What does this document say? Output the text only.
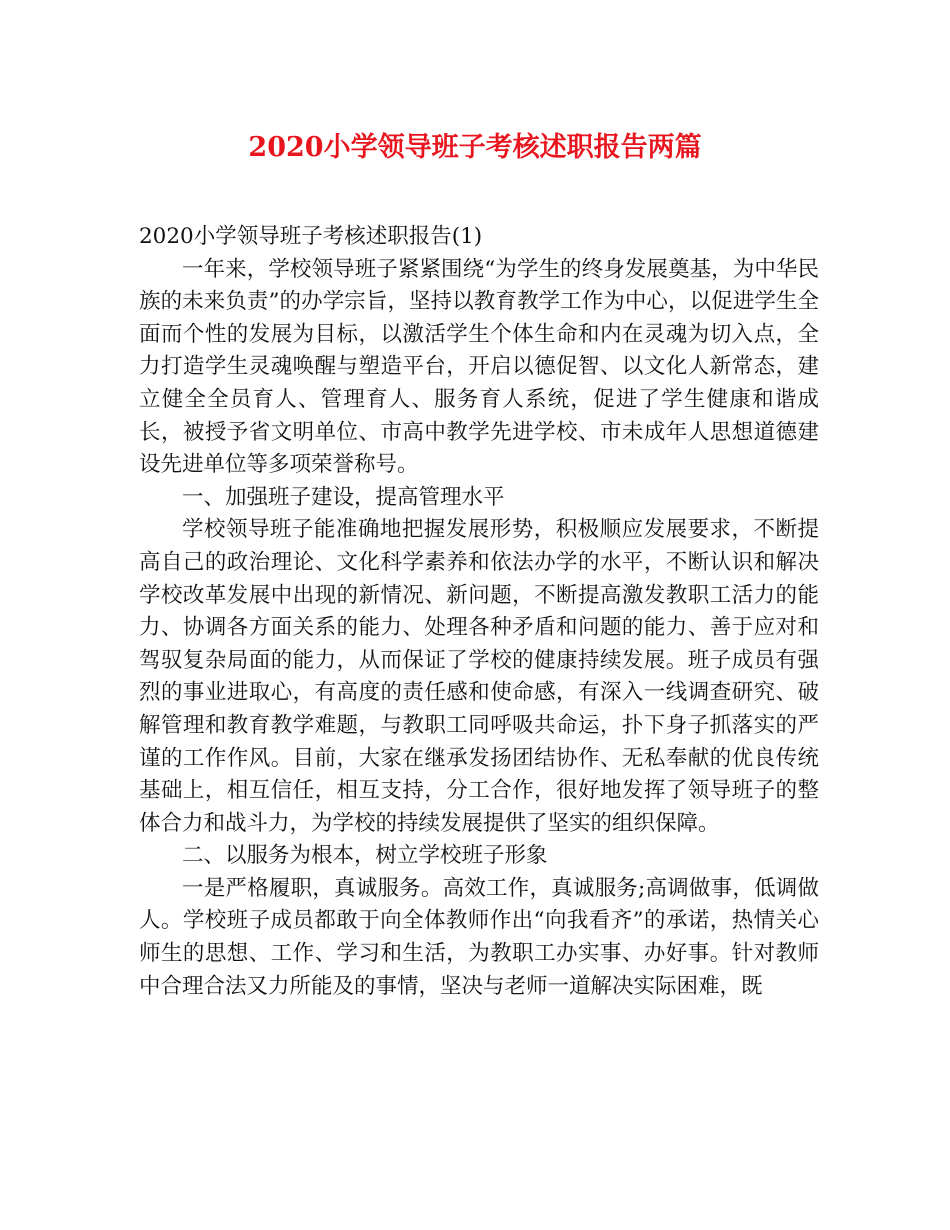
2020小学领导班子考核述职报告两篇

2020小学领导班子考核述职报告(1)

一年来，学校领导班子紧紧围绕“为学生的终身发展奠基，为中华民族的未来负责”的办学宗旨，坚持以教育教学工作为中心，以促进学生全面而个性的发展为目标，以激活学生个体生命和内在灵魂为切入点，全力打造学生灵魂唤醒与塑造平台，开启以德促智、以文化人新常态，建立健全全员育人、管理育人、服务育人系统，促进了学生健康和谐成长，被授予省文明单位、市高中教学先进学校、市未成年人思想道德建设先进单位等多项荣誉称号。

一、加强班子建设，提高管理水平

学校领导班子能准确地把握发展形势，积极顺应发展要求，不断提高自己的政治理论、文化科学素养和依法办学的水平，不断认识和解决学校改革发展中出现的新情况、新问题，不断提高激发教职工活力的能力、协调各方面关系的能力、处理各种矛盾和问题的能力、善于应对和驾驭复杂局面的能力，从而保证了学校的健康持续发展。班子成员有强烈的事业进取心，有高度的责任感和使命感，有深入一线调查研究、破解管理和教育教学难题，与教职工同呼吸共命运，扑下身子抓落实的严谨的工作作风。目前，大家在继承发扬团结协作、无私奉献的优良传统基础上，相互信任，相互支持，分工合作，很好地发挥了领导班子的整体合力和战斗力，为学校的持续发展提供了坚实的组织保障。

二、以服务为根本，树立学校班子形象

一是严格履职，真诚服务。高效工作，真诚服务;高调做事，低调做人。学校班子成员都敢于向全体教师作出“向我看齐”的承诺，热情关心师生的思想、工作、学习和生活，为教职工办实事、办好事。针对教师中合理合法又力所能及的事情，坚决与老师一道解决实际困难，既
